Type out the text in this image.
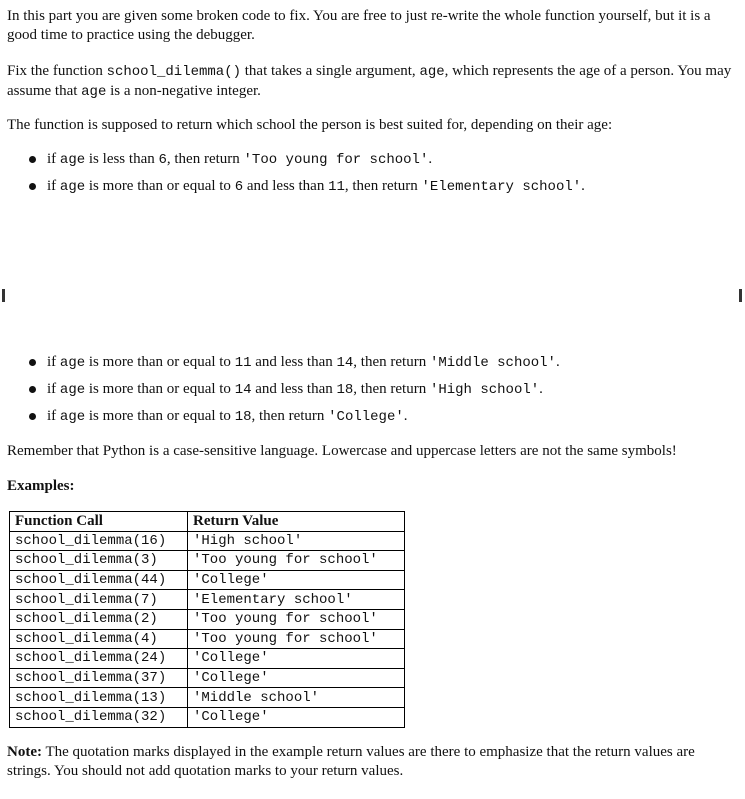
In this part you are given some broken code to fix. You are free to just re-write the whole function yourself, but it is a good time to practice using the debugger.

Fix the function school_dilemma() that takes a single argument, age, which represents the age of a person. You may assume that age is a non-negative integer.

The function is supposed to return which school the person is best suited for, depending on their age:

if age is less than 6, then return 'Too young for school'.
if age is more than or equal to 6 and less than 11, then return 'Elementary school'.
if age is more than or equal to 11 and less than 14, then return 'Middle school'.
if age is more than or equal to 14 and less than 18, then return 'High school'.
if age is more than or equal to 18, then return 'College'.

Remember that Python is a case-sensitive language. Lowercase and uppercase letters are not the same symbols!

Examples:

Function Call	Return Value
school_dilemma(16)	'High school'
school_dilemma(3)	'Too young for school'
school_dilemma(44)	'College'
school_dilemma(7)	'Elementary school'
school_dilemma(2)	'Too young for school'
school_dilemma(4)	'Too young for school'
school_dilemma(24)	'College'
school_dilemma(37)	'College'
school_dilemma(13)	'Middle school'
school_dilemma(32)	'College'

Note: The quotation marks displayed in the example return values are there to emphasize that the return values are strings. You should not add quotation marks to your return values.
